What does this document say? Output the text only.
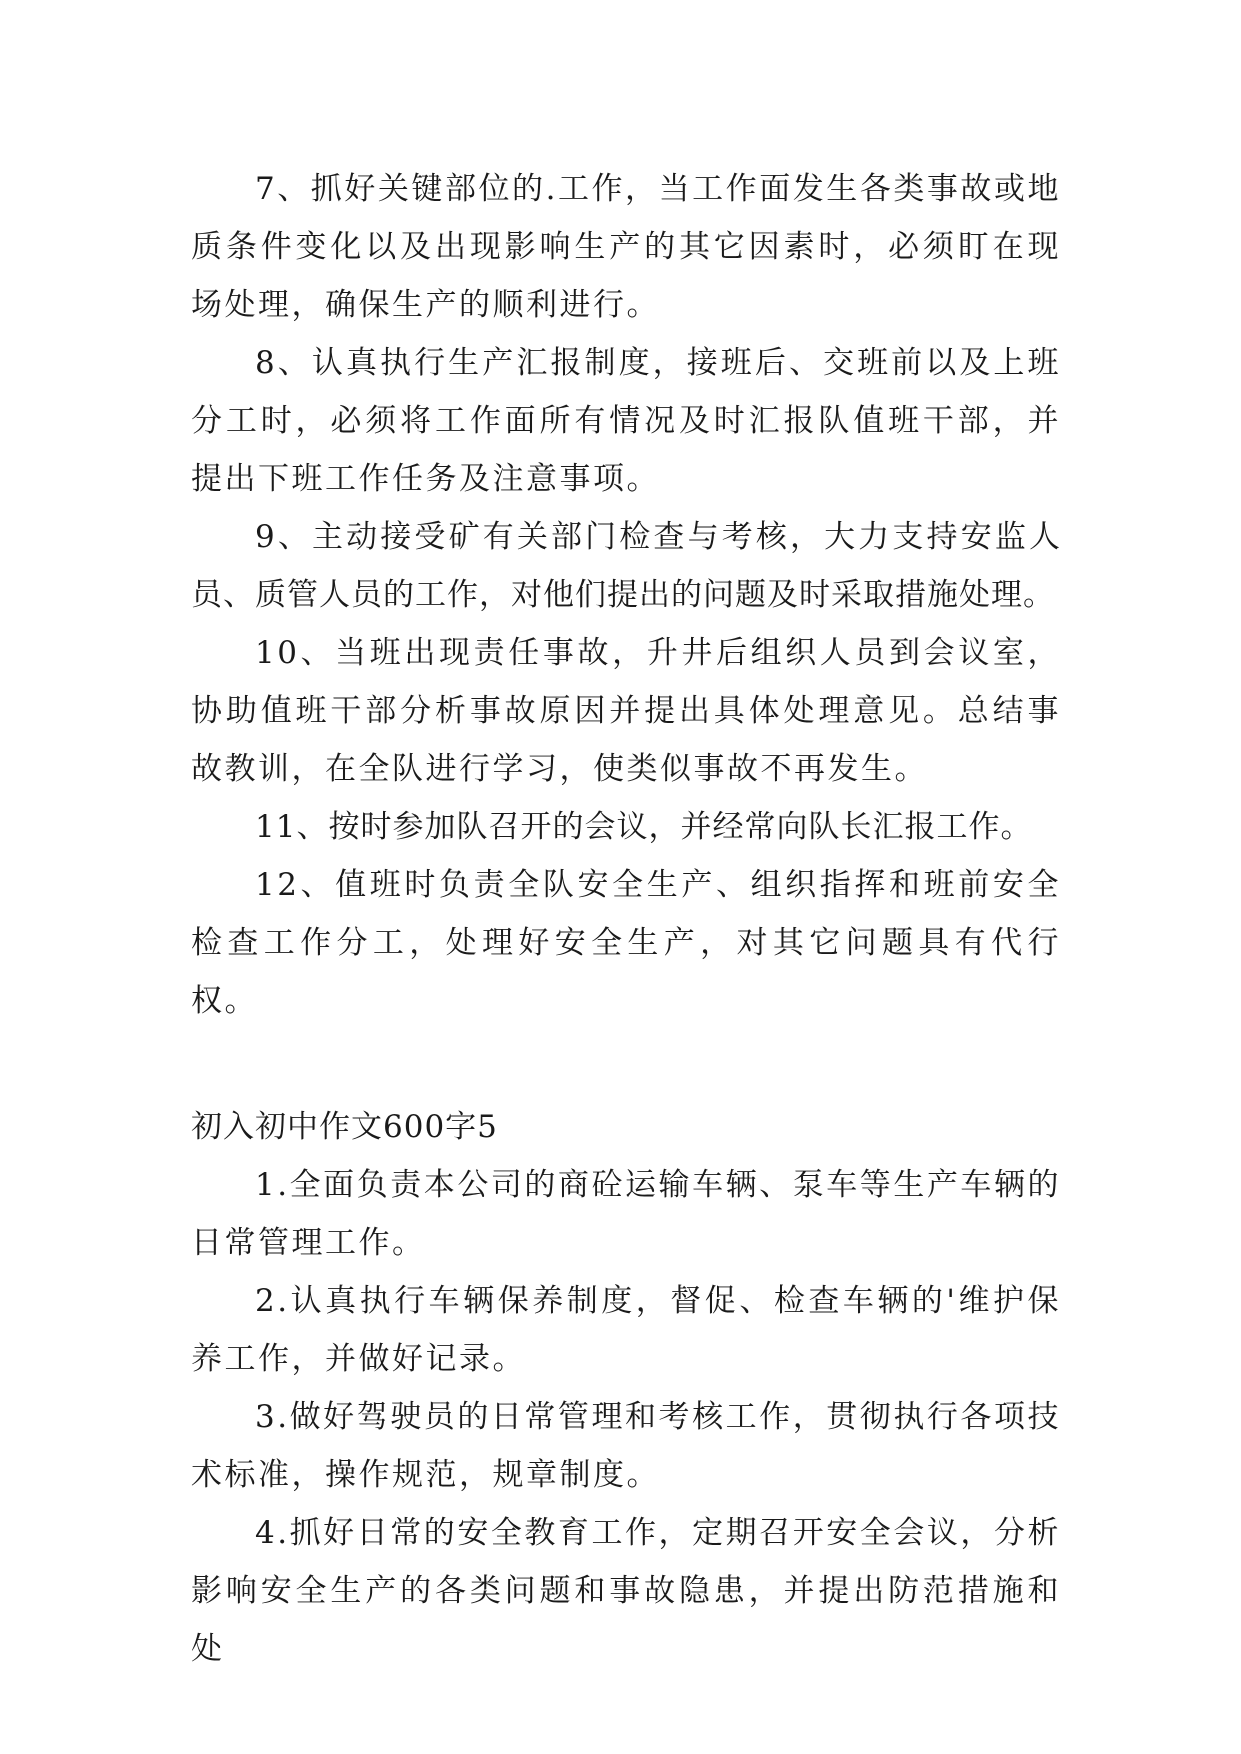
7、抓好关键部位的.工作，当工作面发生各类事故或地质条件变化以及出现影响生产的其它因素时，必须盯在现场处理，确保生产的顺利进行。

8、认真执行生产汇报制度，接班后、交班前以及上班分工时，必须将工作面所有情况及时汇报队值班干部，并提出下班工作任务及注意事项。

9、主动接受矿有关部门检查与考核，大力支持安监人员、质管人员的工作，对他们提出的问题及时采取措施处理。

10、当班出现责任事故，升井后组织人员到会议室，协助值班干部分析事故原因并提出具体处理意见。总结事故教训，在全队进行学习，使类似事故不再发生。

11、按时参加队召开的会议，并经常向队长汇报工作。

12、值班时负责全队安全生产、组织指挥和班前安全检查工作分工，处理好安全生产，对其它问题具有代行权。

初入初中作文600字5

1.全面负责本公司的商砼运输车辆、泵车等生产车辆的日常管理工作。

2.认真执行车辆保养制度，督促、检查车辆的'维护保养工作，并做好记录。

3.做好驾驶员的日常管理和考核工作，贯彻执行各项技术标准，操作规范，规章制度。

4.抓好日常的安全教育工作，定期召开安全会议，分析影响安全生产的各类问题和事故隐患，并提出防范措施和处
